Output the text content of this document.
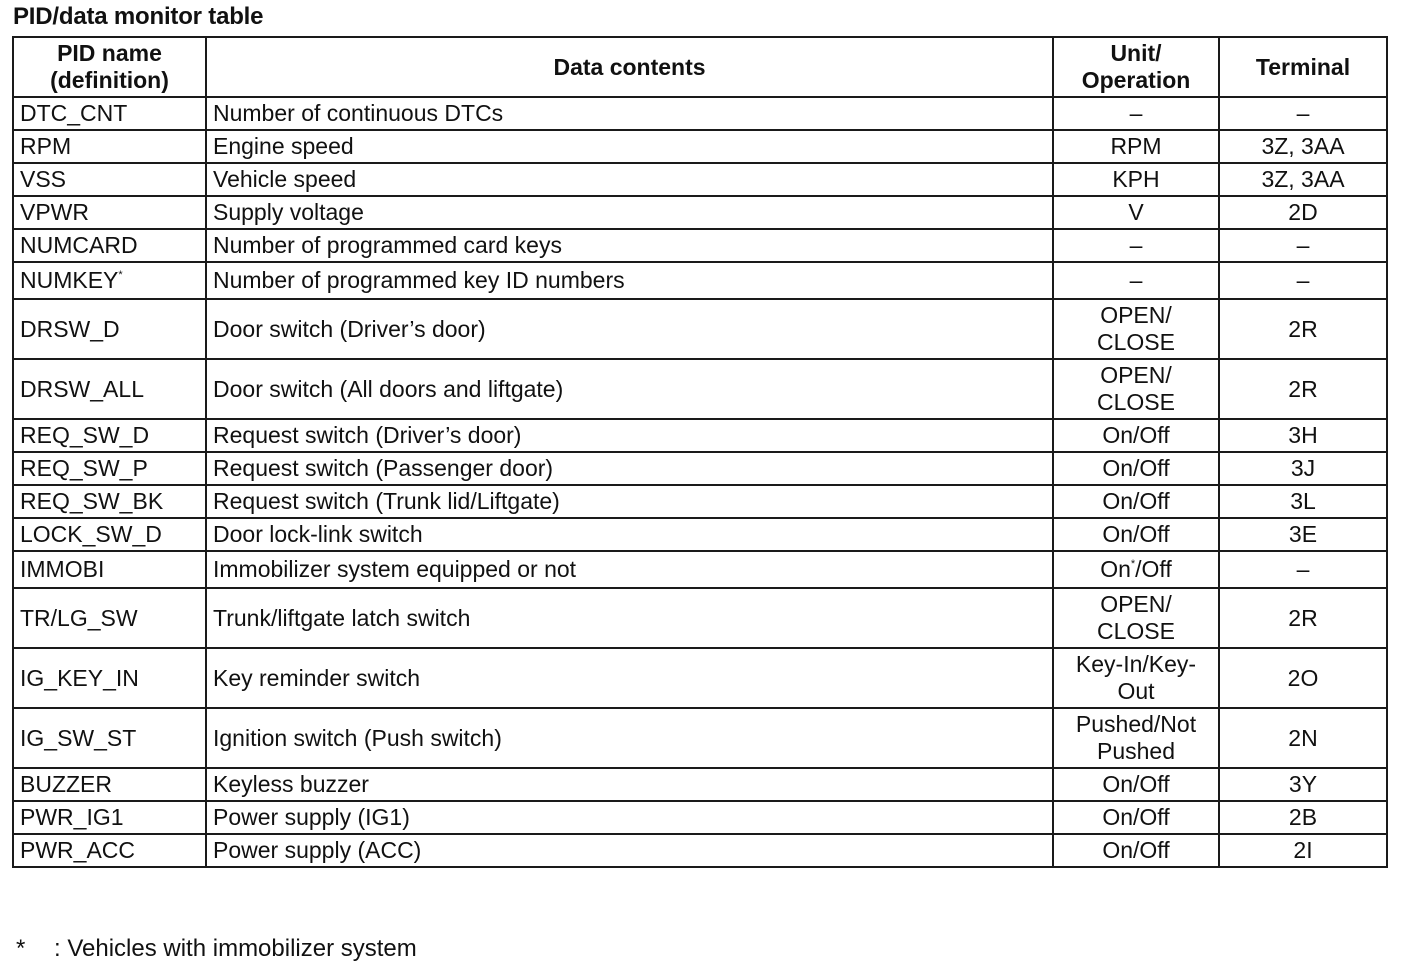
PID/data monitor table
PID name (definition)	Data contents	Unit/ Operation	Terminal
DTC_CNT	Number of continuous DTCs	–	–
RPM	Engine speed	RPM	3Z, 3AA
VSS	Vehicle speed	KPH	3Z, 3AA
VPWR	Supply voltage	V	2D
NUMCARD	Number of programmed card keys	–	–
NUMKEY*	Number of programmed key ID numbers	–	–
DRSW_D	Door switch (Driver’s door)	OPEN/ CLOSE	2R
DRSW_ALL	Door switch (All doors and liftgate)	OPEN/ CLOSE	2R
REQ_SW_D	Request switch (Driver’s door)	On/Off	3H
REQ_SW_P	Request switch (Passenger door)	On/Off	3J
REQ_SW_BK	Request switch (Trunk lid/Liftgate)	On/Off	3L
LOCK_SW_D	Door lock-link switch	On/Off	3E
IMMOBI	Immobilizer system equipped or not	On*/Off	–
TR/LG_SW	Trunk/liftgate latch switch	OPEN/ CLOSE	2R
IG_KEY_IN	Key reminder switch	Key-In/Key-Out	2O
IG_SW_ST	Ignition switch (Push switch)	Pushed/Not Pushed	2N
BUZZER	Keyless buzzer	On/Off	3Y
PWR_IG1	Power supply (IG1)	On/Off	2B
PWR_ACC	Power supply (ACC)	On/Off	2I
* : Vehicles with immobilizer system
